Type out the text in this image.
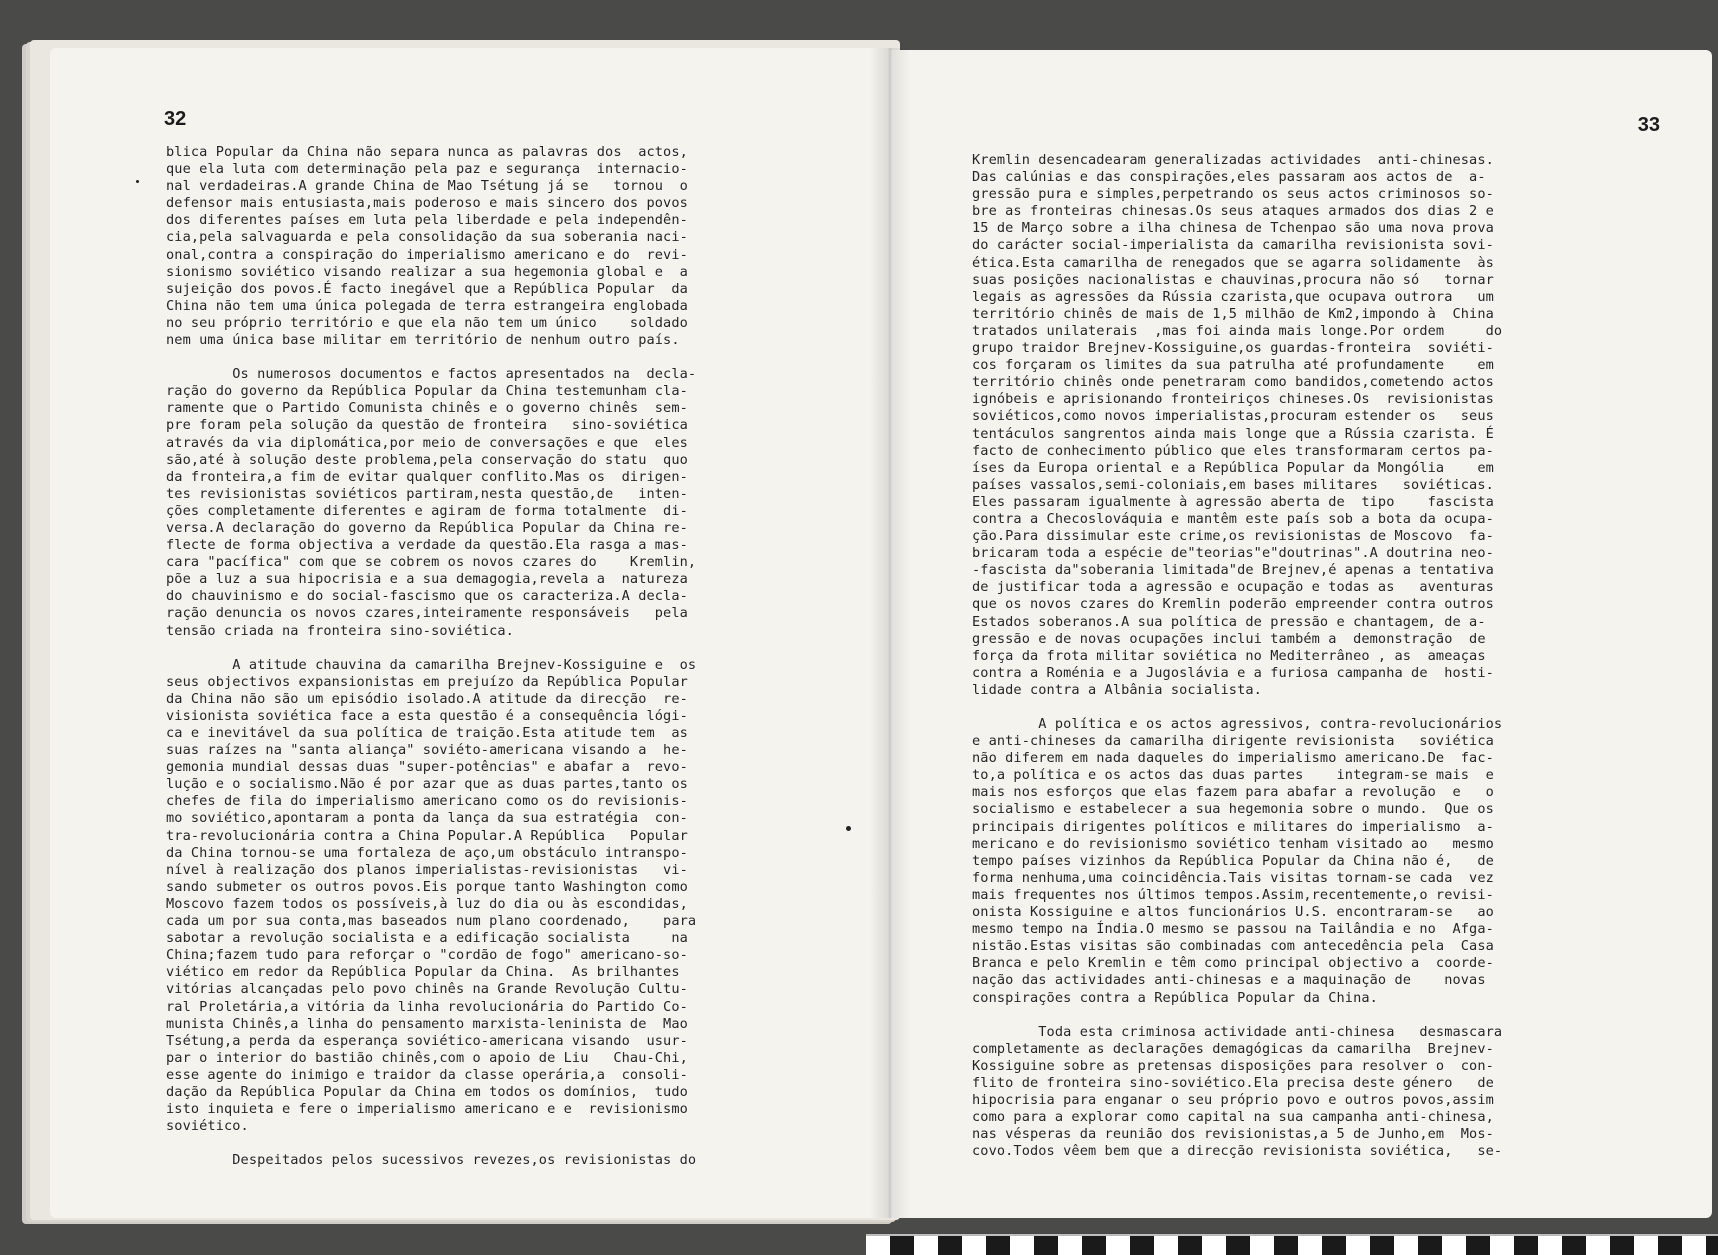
32

blica Popular da China não separa nunca as palavras dos  actos,

que ela luta com determinação pela paz e segurança  internacio-

nal verdadeiras.A grande China de Mao Tsétung já se   tornou  o

defensor mais entusiasta,mais poderoso e mais sincero dos povos

dos diferentes países em luta pela liberdade e pela independên-

cia,pela salvaguarda e pela consolidação da sua soberania naci-

onal,contra a conspiração do imperialismo americano e do  revi-

sionismo soviético visando realizar a sua hegemonia global e  a

sujeição dos povos.É facto inegável que a República Popular  da

China não tem uma única polegada de terra estrangeira englobada

no seu próprio território e que ela não tem um único    soldado

nem uma única base militar em território de nenhum outro país.

Os numerosos documentos e factos apresentados na  decla-

ração do governo da República Popular da China testemunham cla-

ramente que o Partido Comunista chinês e o governo chinês  sem-

pre foram pela solução da questão de fronteira   sino-soviética

através da via diplomática,por meio de conversações e que  eles

são,até à solução deste problema,pela conservação do statu  quo

da fronteira,a fim de evitar qualquer conflito.Mas os  dirigen-

tes revisionistas soviéticos partiram,nesta questão,de   inten-

ções completamente diferentes e agiram de forma totalmente  di-

versa.A declaração do governo da República Popular da China re-

flecte de forma objectiva a verdade da questão.Ela rasga a mas-

cara "pacífica" com que se cobrem os novos czares do    Kremlin,

põe a luz a sua hipocrisia e a sua demagogia,revela a  natureza

do chauvinismo e do social-fascismo que os caracteriza.A decla-

ração denuncia os novos czares,inteiramente responsáveis   pela

tensão criada na fronteira sino-soviética.

A atitude chauvina da camarilha Brejnev-Kossiguine e  os

seus objectivos expansionistas em prejuízo da República Popular

da China não são um episódio isolado.A atitude da direcção  re-

visionista soviética face a esta questão é a consequência lógi-

ca e inevitável da sua política de traição.Esta atitude tem  as

suas raízes na "santa aliança" soviéto-americana visando a  he-

gemonia mundial dessas duas "super-potências" e abafar a  revo-

lução e o socialismo.Não é por azar que as duas partes,tanto os

chefes de fila do imperialismo americano como os do revisionis-

mo soviético,apontaram a ponta da lança da sua estratégia  con-

tra-revolucionária contra a China Popular.A República   Popular

da China tornou-se uma fortaleza de aço,um obstáculo intranspo-

nível à realização dos planos imperialistas-revisionistas   vi-

sando submeter os outros povos.Eis porque tanto Washington como

Moscovo fazem todos os possíveis,à luz do dia ou às escondidas,

cada um por sua conta,mas baseados num plano coordenado,    para

sabotar a revolução socialista e a edificação socialista     na

China;fazem tudo para reforçar o "cordão de fogo" americano-so-

viético em redor da República Popular da China.  As brilhantes

vitórias alcançadas pelo povo chinês na Grande Revolução Cultu-

ral Proletária,a vitória da linha revolucionária do Partido Co-

munista Chinês,a linha do pensamento marxista-leninista de  Mao

Tsétung,a perda da esperança soviético-americana visando  usur-

par o interior do bastião chinês,com o apoio de Liu   Chau-Chi,

esse agente do inimigo e traidor da classe operária,a  consoli-

dação da República Popular da China em todos os domínios,  tudo

isto inquieta e fere o imperialismo americano e e  revisionismo

soviético.

Despeitados pelos sucessivos revezes,os revisionistas do

33

Kremlin desencadearam generalizadas actividades  anti-chinesas.

Das calúnias e das conspirações,eles passaram aos actos de  a-

gressão pura e simples,perpetrando os seus actos criminosos so-

bre as fronteiras chinesas.Os seus ataques armados dos dias 2 e

15 de Março sobre a ilha chinesa de Tchenpao são uma nova prova

do carácter social-imperialista da camarilha revisionista sovi-

ética.Esta camarilha de renegados que se agarra solidamente  às

suas posições nacionalistas e chauvinas,procura não só   tornar

legais as agressões da Rússia czarista,que ocupava outrora   um

território chinês de mais de 1,5 milhão de Km2,impondo à  China

tratados unilaterais  ,mas foi ainda mais longe.Por ordem     do

grupo traidor Brejnev-Kossiguine,os guardas-fronteira  soviéti-

cos forçaram os limites da sua patrulha até profundamente    em

território chinês onde penetraram como bandidos,cometendo actos

ignóbeis e aprisionando fronteiriços chineses.Os  revisionistas

soviéticos,como novos imperialistas,procuram estender os   seus

tentáculos sangrentos ainda mais longe que a Rússia czarista. É

facto de conhecimento público que eles transformaram certos pa-

íses da Europa oriental e a República Popular da Mongólia    em

países vassalos,semi-coloniais,em bases militares   soviéticas.

Eles passaram igualmente à agressão aberta de  tipo    fascista

contra a Checoslováquia e mantêm este país sob a bota da ocupa-

ção.Para dissimular este crime,os revisionistas de Moscovo  fa-

bricaram toda a espécie de"teorias"e"doutrinas".A doutrina neo-

-fascista da"soberania limitada"de Brejnev,é apenas a tentativa

de justificar toda a agressão e ocupação e todas as   aventuras

que os novos czares do Kremlin poderão empreender contra outros

Estados soberanos.A sua política de pressão e chantagem, de a-

gressão e de novas ocupações inclui também a  demonstração  de

força da frota militar soviética no Mediterrâneo , as  ameaças

contra a Roménia e a Jugoslávia e a furiosa campanha de  hosti-

lidade contra a Albânia socialista.

A política e os actos agressivos, contra-revolucionários

e anti-chineses da camarilha dirigente revisionista   soviética

não diferem em nada daqueles do imperialismo americano.De  fac-

to,a política e os actos das duas partes    integram-se mais  e

mais nos esforços que elas fazem para abafar a revolução  e   o

socialismo e estabelecer a sua hegemonia sobre o mundo.  Que os

principais dirigentes políticos e militares do imperialismo  a-

mericano e do revisionismo soviético tenham visitado ao   mesmo

tempo países vizinhos da República Popular da China não é,   de

forma nenhuma,uma coincidência.Tais visitas tornam-se cada  vez

mais frequentes nos últimos tempos.Assim,recentemente,o revisi-

onista Kossiguine e altos funcionários U.S. encontraram-se   ao

mesmo tempo na Índia.O mesmo se passou na Tailândia e no  Afga-

nistão.Estas visitas são combinadas com antecedência pela  Casa

Branca e pelo Kremlin e têm como principal objectivo a  coorde-

nação das actividades anti-chinesas e a maquinação de    novas

conspirações contra a República Popular da China.

Toda esta criminosa actividade anti-chinesa   desmascara

completamente as declarações demagógicas da camarilha  Brejnev-

Kossiguine sobre as pretensas disposições para resolver o  con-

flito de fronteira sino-soviético.Ela precisa deste género   de

hipocrisia para enganar o seu próprio povo e outros povos,assim

como para a explorar como capital na sua campanha anti-chinesa,

nas vésperas da reunião dos revisionistas,a 5 de Junho,em  Mos-

covo.Todos vêem bem que a direcção revisionista soviética,   se-
